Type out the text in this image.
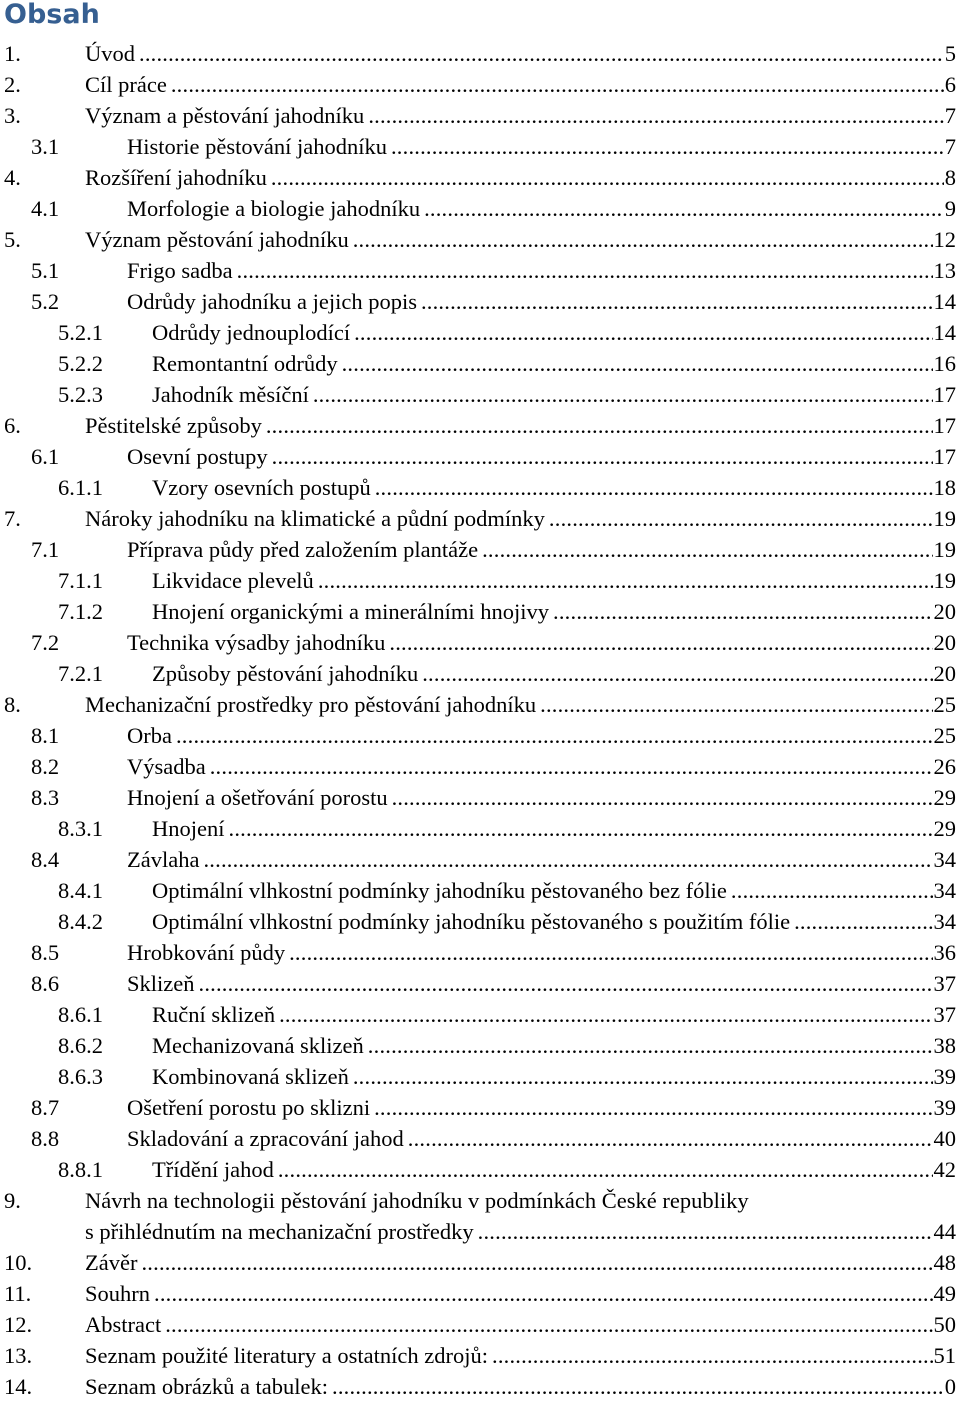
Obsah
1.	Úvod .....	5
2.	Cíl práce .....	6
3.	Význam a pěstování jahodníku .....	7
3.1	Historie pěstování jahodníku .....	7
4.	Rozšíření jahodníku .....	8
4.1	Morfologie a biologie jahodníku .....	9
5.	Význam pěstování jahodníku .....	12
5.1	Frigo sadba .....	13
5.2	Odrůdy jahodníku a jejich popis .....	14
5.2.1 Odrůdy jednouplodící .....	14
5.2.2 Remontantní odrůdy .....	16
5.2.3 Jahodník měsíční .....	17
6.	Pěstitelské způsoby .....	17
6.1	Osevní postupy .....	17
6.1.1 Vzory osevních postupů .....	18
7.	Nároky jahodníku na klimatické a půdní podmínky .....	19
7.1	Příprava půdy před založením plantáže .....	19
7.1.1 Likvidace plevelů .....	19
7.1.2 Hnojení organickými a minerálními hnojivy .....	20
7.2	Technika výsadby jahodníku .....	20
7.2.1 Způsoby pěstování jahodníku .....	20
8.	Mechanizační prostředky pro pěstování jahodníku .....	25
8.1	Orba .....	25
8.2	Výsadba .....	26
8.3	Hnojení a ošetřování porostu .....	29
8.3.1 Hnojení .....	29
8.4	Závlaha .....	34
8.4.1 Optimální vlhkostní podmínky jahodníku pěstovaného bez fólie .....	34
8.4.2 Optimální vlhkostní podmínky jahodníku pěstovaného s použitím fólie .....	34
8.5	Hrobkování půdy .....	36
8.6	Sklizeň .....	37
8.6.1 Ruční sklizeň .....	37
8.6.2 Mechanizovaná sklizeň .....	38
8.6.3 Kombinovaná sklizeň .....	39
8.7	Ošetření porostu po sklizni .....	39
8.8	Skladování a zpracování jahod .....	40
8.8.1 Třídění jahod .....	42
9.	Návrh na technologii pěstování jahodníku v podmínkách České republiky
s přihlédnutím na mechanizační prostředky .....	44
10. Závěr .....	48
11. Souhrn .....	49
12. Abstract .....	50
13. Seznam použité literatury a ostatních zdrojů: .....	51
14. Seznam obrázků a tabulek: .....	0
